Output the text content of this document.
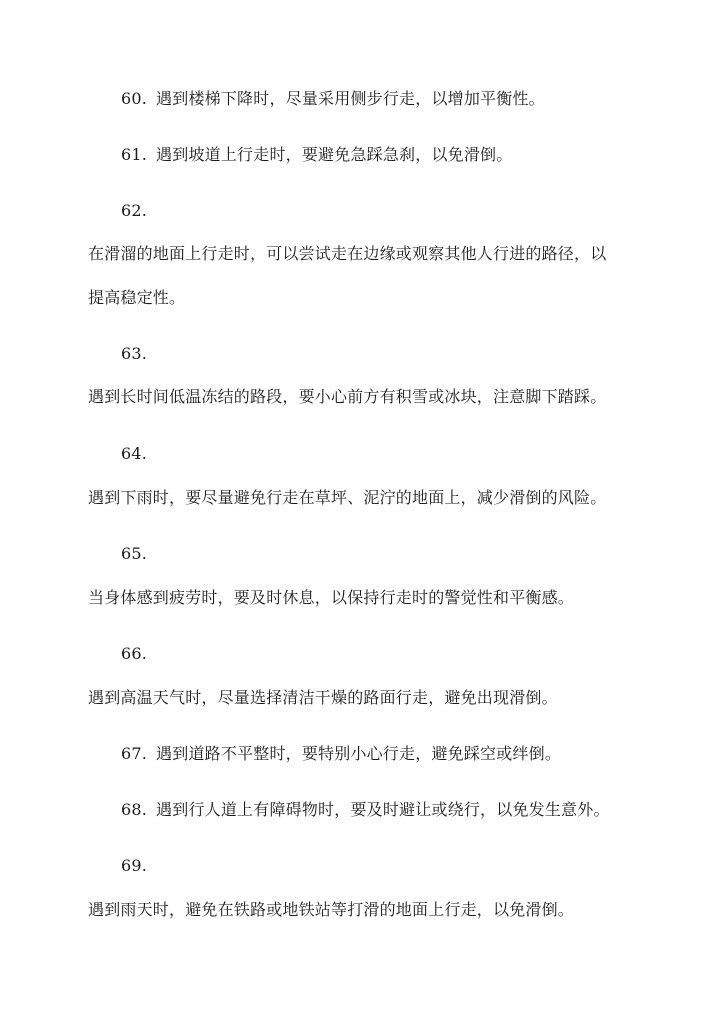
60. 遇到楼梯下降时，尽量采用侧步行走，以增加平衡性。
61. 遇到坡道上行走时，要避免急踩急刹，以免滑倒。
62.
在滑溜的地面上行走时，可以尝试走在边缘或观察其他人行进的路径，以
提高稳定性。
63.
遇到长时间低温冻结的路段，要小心前方有积雪或冰块，注意脚下踏踩。
64.
遇到下雨时，要尽量避免行走在草坪、泥泞的地面上，减少滑倒的风险。
65.
当身体感到疲劳时，要及时休息，以保持行走时的警觉性和平衡感。
66.
遇到高温天气时，尽量选择清洁干燥的路面行走，避免出现滑倒。
67. 遇到道路不平整时，要特别小心行走，避免踩空或绊倒。
68. 遇到行人道上有障碍物时，要及时避让或绕行，以免发生意外。
69.
遇到雨天时，避免在铁路或地铁站等打滑的地面上行走，以免滑倒。
